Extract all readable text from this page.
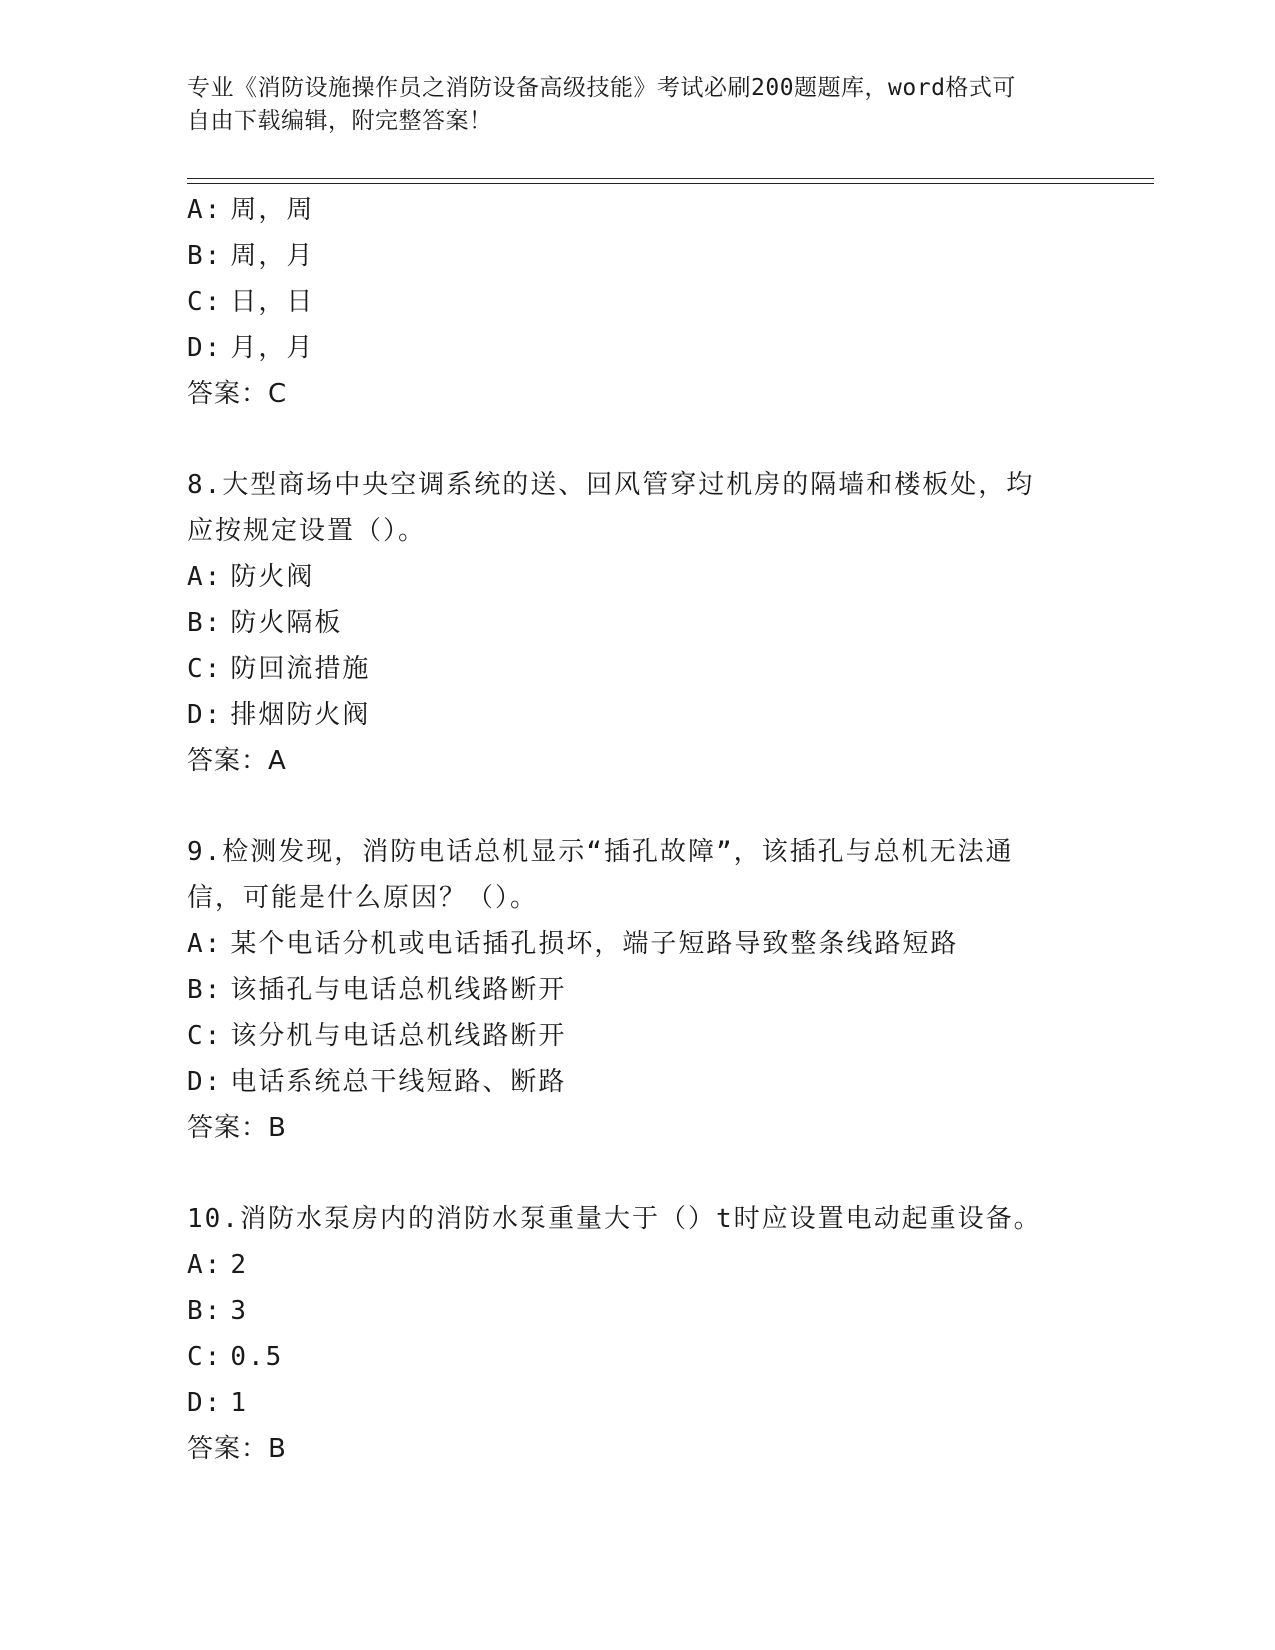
专业《消防设施操作员之消防设备高级技能》考试必刷200题题库，word格式可
自由下载编辑，附完整答案！
A: 周，周
B: 周，月
C: 日，日
D: 月，月
答案：C
8.大型商场中央空调系统的送、回风管穿过机房的隔墙和楼板处，均
应按规定设置（）。
A: 防火阀
B: 防火隔板
C: 防回流措施
D: 排烟防火阀
答案：A
9.检测发现，消防电话总机显示“插孔故障”，该插孔与总机无法通
信，可能是什么原因？（）。
A: 某个电话分机或电话插孔损坏，端子短路导致整条线路短路
B: 该插孔与电话总机线路断开
C: 该分机与电话总机线路断开
D: 电话系统总干线短路、断路
答案：B
10.消防水泵房内的消防水泵重量大于（）t时应设置电动起重设备。
A: 2
B: 3
C: 0.5
D: 1
答案：B
